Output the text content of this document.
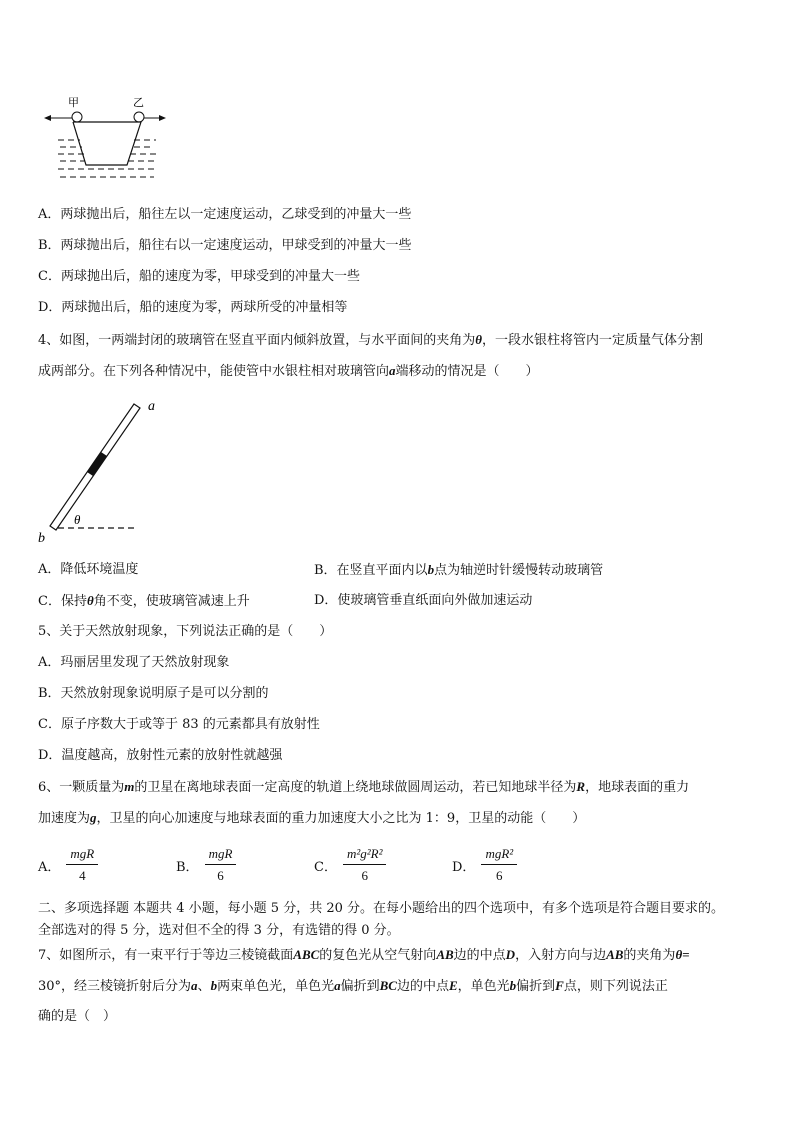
甲	乙
A．两球抛出后，船往左以一定速度运动，乙球受到的冲量大一些
B．两球抛出后，船往右以一定速度运动，甲球受到的冲量大一些
C．两球抛出后，船的速度为零，甲球受到的冲量大一些
D．两球抛出后，船的速度为零，两球所受的冲量相等
4、如图，一两端封闭的玻璃管在竖直平面内倾斜放置，与水平面间的夹角为θ，一段水银柱将管内一定质量气体分割
成两部分。在下列各种情况中，能使管中水银柱相对玻璃管向a端移动的情况是（　　）
a
b
θ
A．降低环境温度	B．在竖直平面内以b点为轴逆时针缓慢转动玻璃管
C．保持θ角不变，使玻璃管减速上升	D．使玻璃管垂直纸面向外做加速运动
5、关于天然放射现象，下列说法正确的是（　　）
A．玛丽居里发现了天然放射现象
B．天然放射现象说明原子是可以分割的
C．原子序数大于或等于 83 的元素都具有放射性
D．温度越高，放射性元素的放射性就越强
6、一颗质量为m的卫星在离地球表面一定高度的轨道上绕地球做圆周运动，若已知地球半径为R，地球表面的重力
加速度为g，卫星的向心加速度与地球表面的重力加速度大小之比为 1：9，卫星的动能（　　）
A． $\frac{\text{mgR}}{4}$	B． $\frac{\text{mgR}}{6}$	C． $\frac{\text{m²g²R²}}{6}$	D． $\frac{\text{mgR²}}{6}$
二、多项选择题 本题共 4 小题，每小题 5 分，共 20 分。在每小题给出的四个选项中，有多个选项是符合题目要求的。
全部选对的得 5 分，选对但不全的得 3 分，有选错的得 0 分。
7、如图所示，有一束平行于等边三棱镜截面ABC的复色光从空气射向AB边的中点D，入射方向与边AB的夹角为θ=
30°，经三棱镜折射后分为a、b两束单色光，单色光a偏折到BC边的中点E，单色光b偏折到F点，则下列说法正
确的是（　）
